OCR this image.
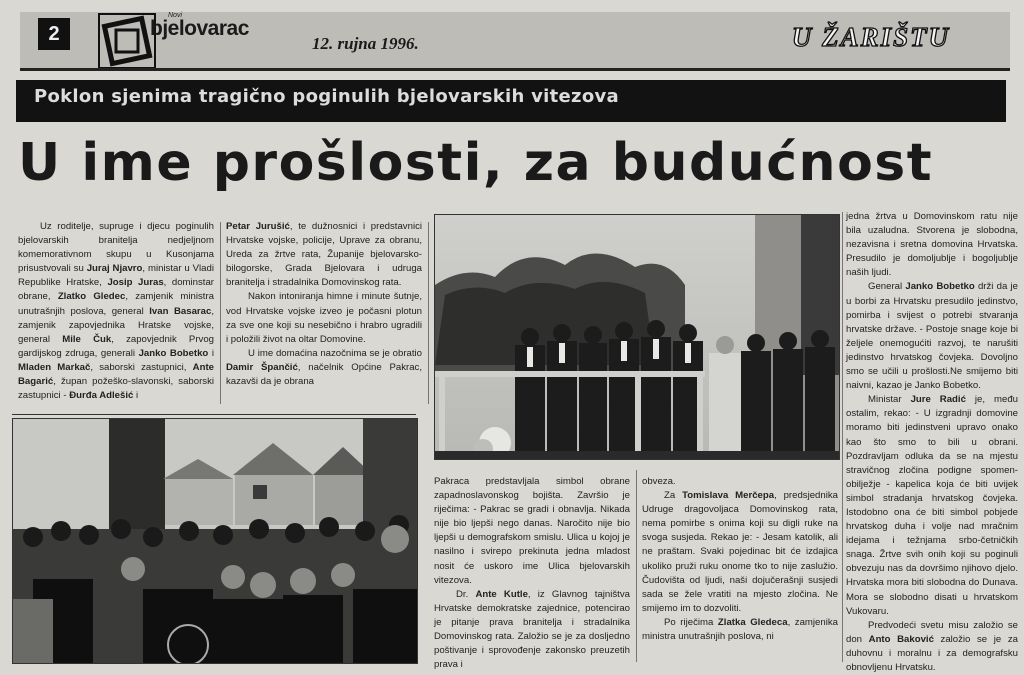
2
Novi
bjelovarac
12. rujna 1996.	U ŽARIŠTU
Poklon sjenima tragično poginulih bjelovarskih vitezova
U ime prošlosti, za budućnost

Uz roditelje, supruge i djecu poginulih bjelovarskih branitelja nedjeljnom komemorativnom skupu u Kusonjama prisustvovali su Juraj Njavro, ministar u Vladi Republike Hratske, Josip Juras, dominstar obrane, Zlatko Gledec, zamjenik ministra unutrašnjih poslova, general Ivan Basarac, zamjenik zapovjednika Hratske vojske, general Mile Čuk, zapovjednik Prvog gardijskog zdruga, generali Janko Bobetko i Mladen Markač, saborski zastupnici, Ante Bagarić, župan požeško-slavonski, saborski zastupnici - Đurđa Adlešić i

Petar Jurušić, te dužnosnici i predstavnici Hrvatske vojske, policije, Uprave za obranu, Ureda za žrtve rata, Županije bjelovarsko-bilogorske, Grada Bjelovara i udruga branitelja i stradalnika Domovinskog rata.

Nakon intoniranja himne i minute šutnje, vod Hrvatske vojske izveo je počasni plotun za sve one koji su nesebično i hrabro ugradili i položili život na oltar Domovine.

U ime domaćina nazočnima se je obratio Damir Špančić, načelnik Općine Pakrac, kazavši da je obrana

Pakraca predstavljala simbol obrane zapadnoslavonskog bojišta. Završio je riječima: - Pakrac se gradi i obnavlja. Nikada nije bio ljepši nego danas. Naročito nije bio ljepši u demografskom smislu. Ulica u kojoj je nasilno i svirepo prekinuta jedna mladost nosit će uskoro ime Ulica bjelovarskih vitezova.

Dr. Ante Kutle, iz Glavnog tajništva Hrvatske demokratske zajednice, potencirao je pitanje prava branitelja i stradalnika Domovinskog rata. Založio se je za dosljedno poštivanje i sprovođenje zakonsko preuzetih prava i

obveza.

Za Tomislava Merčepa, predsjednika Udruge dragovoljaca Domovinskog rata, nema pomirbe s onima koji su digli ruke na svoga susjeda. Rekao je: - Jesam katolik, ali ne praštam. Svaki pojedinac bit će izdajica ukoliko pruži ruku onome tko to nije zaslužio. Čudovišta od ljudi, naši dojučerašnji susjedi sada se žele vratiti na mjesto zločina. Ne smijemo im to dozvoliti.

Po riječima Zlatka Gledeca, zamjenika ministra unutrašnjih poslova, ni

jedna žrtva u Domovinskom ratu nije bila uzaludna. Stvorena je slobodna, nezavisna i sretna domovina Hrvatska. Presudilo je domoljublje i bogoljublje naših ljudi.

General Janko Bobetko drži da je u borbi za Hrvatsku presudilo jedinstvo, pomirba i svijest o potrebi stvaranja hrvatske države. - Postoje snage koje bi željele onemogućiti razvoj, te narušiti jedinstvo hrvatskog čovjeka. Dovoljno smo se učili u prošlosti.Ne smijemo biti naivni, kazao je Janko Bobetko.

Ministar Jure Radić je, među ostalim, rekao: - U izgradnji domovine moramo biti jedinstveni upravo onako kao što smo to bili u obrani. Pozdravljam odluka da se na mjestu stravičnog zločina podigne spomen-obilježje - kapelica koja će biti uvijek simbol stradanja hrvatskog čovjeka. Istodobno ona će biti simbol pobjede hrvatskog duha i volje nad mračnim idejama i težnjama srbo-četničkih snaga. Žrtve svih onih koji su poginuli obvezuju nas da dovršimo njihovo djelo. Hrvatska mora biti slobodna do Dunava. Mora se slobodno disati u hrvatskom Vukovaru.

Predvodeći svetu misu založio se don Anto Baković založio se je za duhovnu i moralnu i za demografsku obnovljenu Hrvatsku.
